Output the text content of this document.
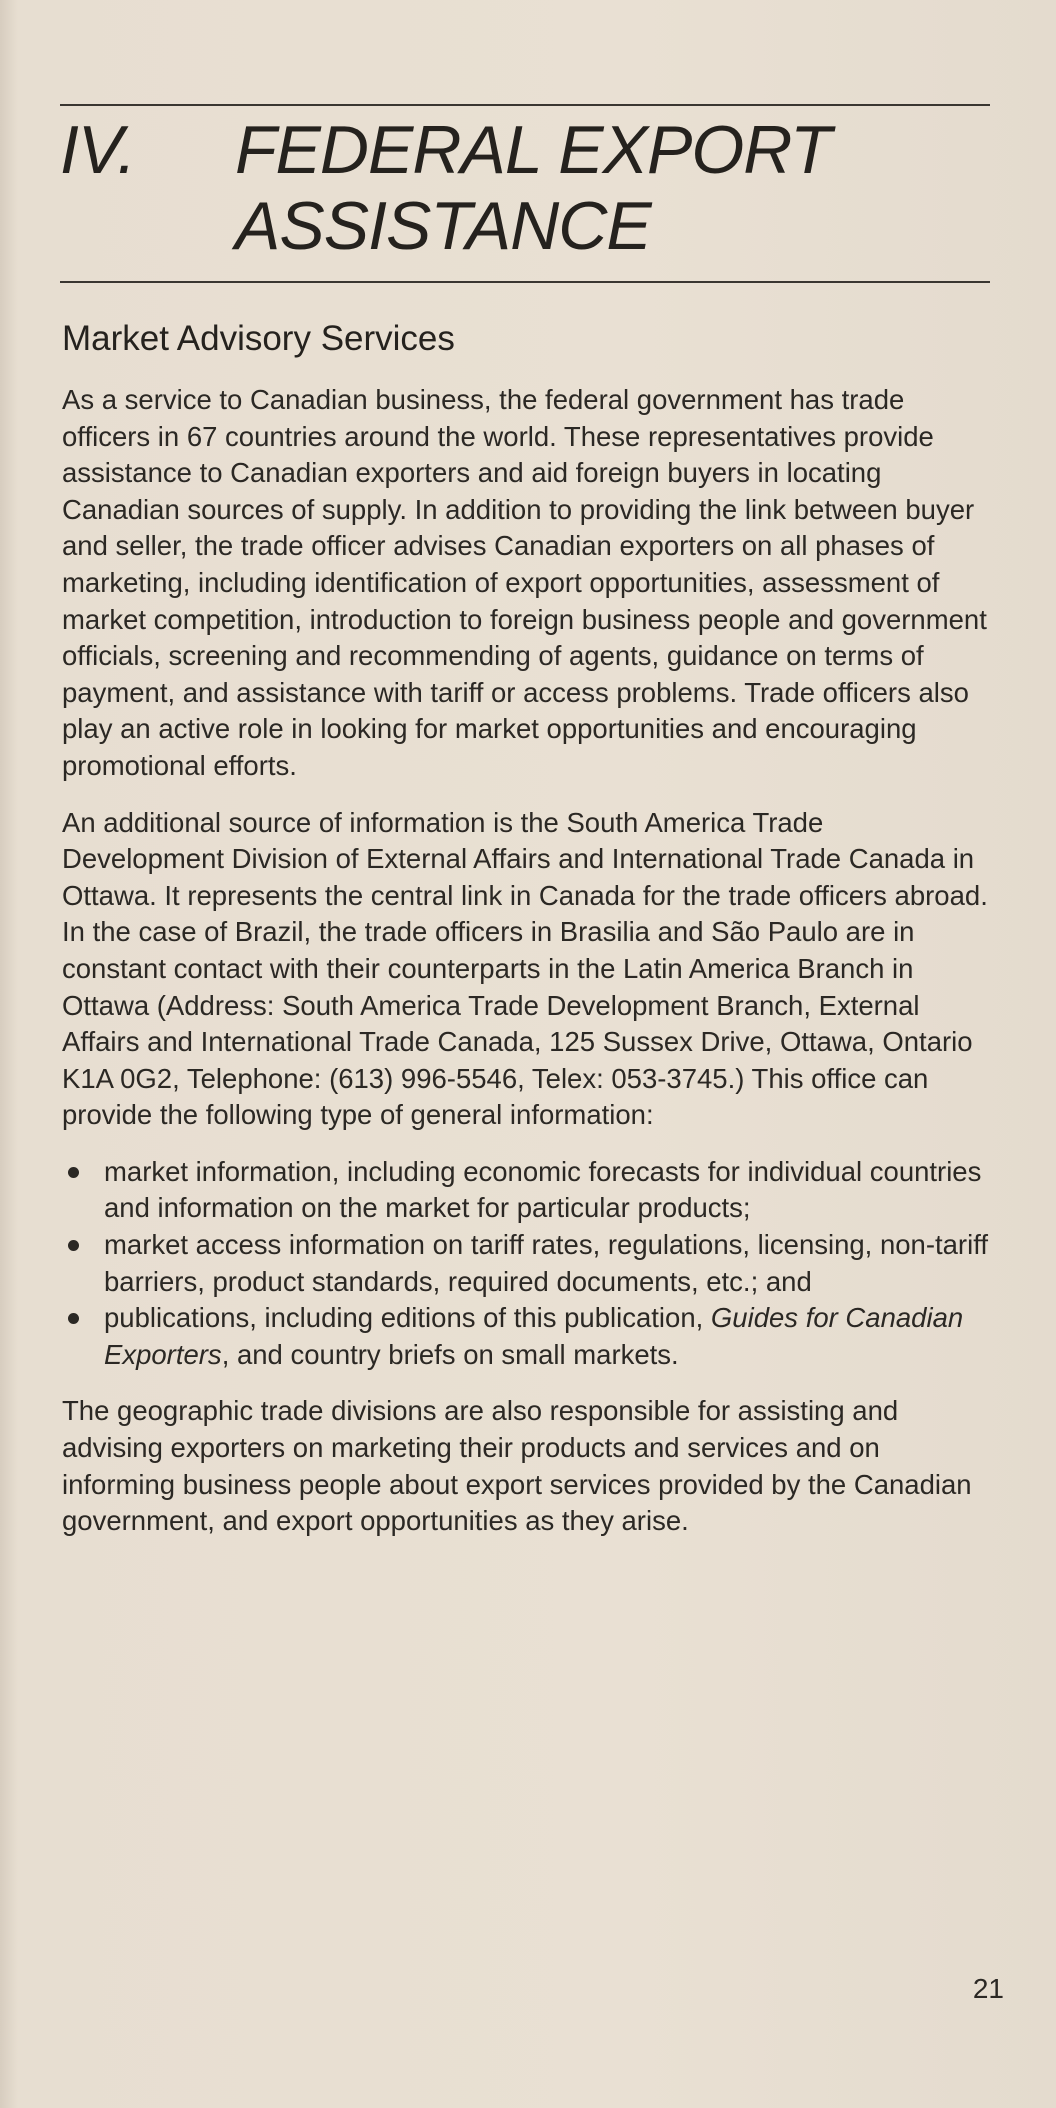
IV. FEDERAL EXPORT ASSISTANCE
Market Advisory Services

As a service to Canadian business, the federal government has trade officers in 67 countries around the world. These representatives provide assistance to Canadian exporters and aid foreign buyers in locating Canadian sources of supply. In addition to providing the link between buyer and seller, the trade officer advises Canadian exporters on all phases of marketing, including identification of export opportunities, assessment of market competition, introduction to foreign business people and government officials, screening and recommending of agents, guidance on terms of payment, and assistance with tariff or access problems. Trade officers also play an active role in looking for market opportunities and encouraging promotional efforts.

An additional source of information is the South America Trade Development Division of External Affairs and International Trade Canada in Ottawa. It represents the central link in Canada for the trade officers abroad. In the case of Brazil, the trade officers in Brasilia and São Paulo are in constant contact with their counterparts in the Latin America Branch in Ottawa (Address: South America Trade Development Branch, External Affairs and International Trade Canada, 125 Sussex Drive, Ottawa, Ontario K1A 0G2, Telephone: (613) 996-5546, Telex: 053-3745.) This office can provide the following type of general information:

market information, including economic forecasts for individual countries and information on the market for particular products;
market access information on tariff rates, regulations, licensing, non-tariff barriers, product standards, required documents, etc.; and
publications, including editions of this publication, Guides for Canadian Exporters, and country briefs on small markets.

The geographic trade divisions are also responsible for assisting and advising exporters on marketing their products and services and on informing business people about export services provided by the Canadian government, and export opportunities as they arise.

21
